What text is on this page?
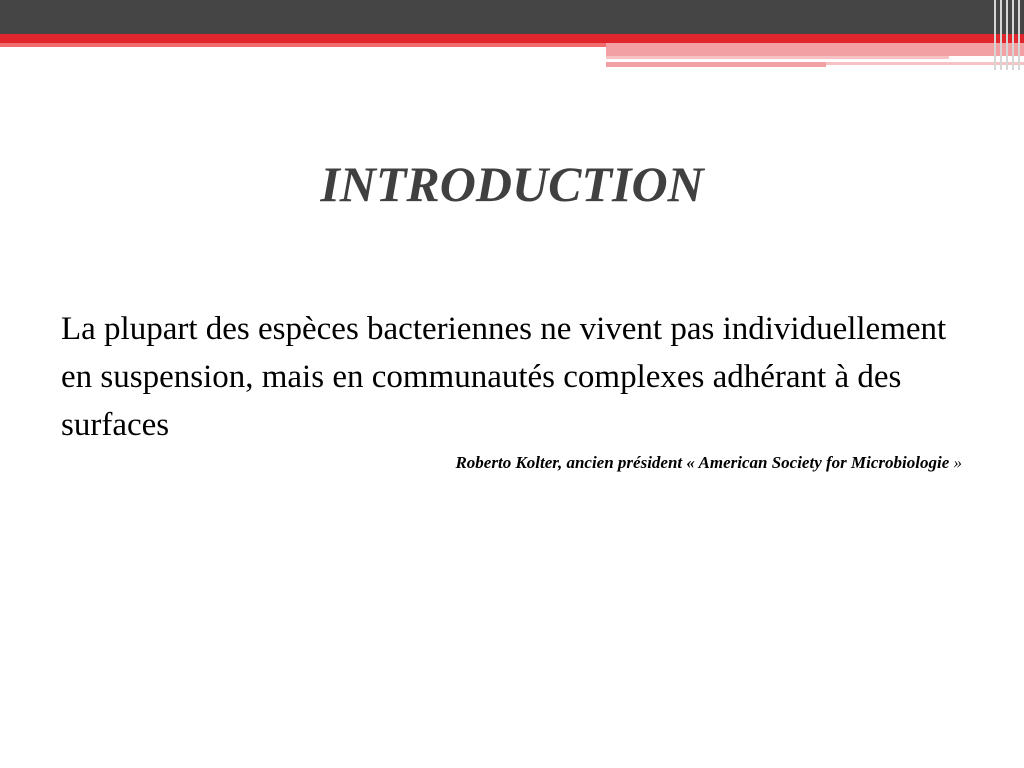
INTRODUCTION
La plupart des espèces bacteriennes ne vivent pas individuellement en suspension, mais en communautés complexes adhérant à des surfaces
Roberto Kolter, ancien président « American Society for Microbiologie »
